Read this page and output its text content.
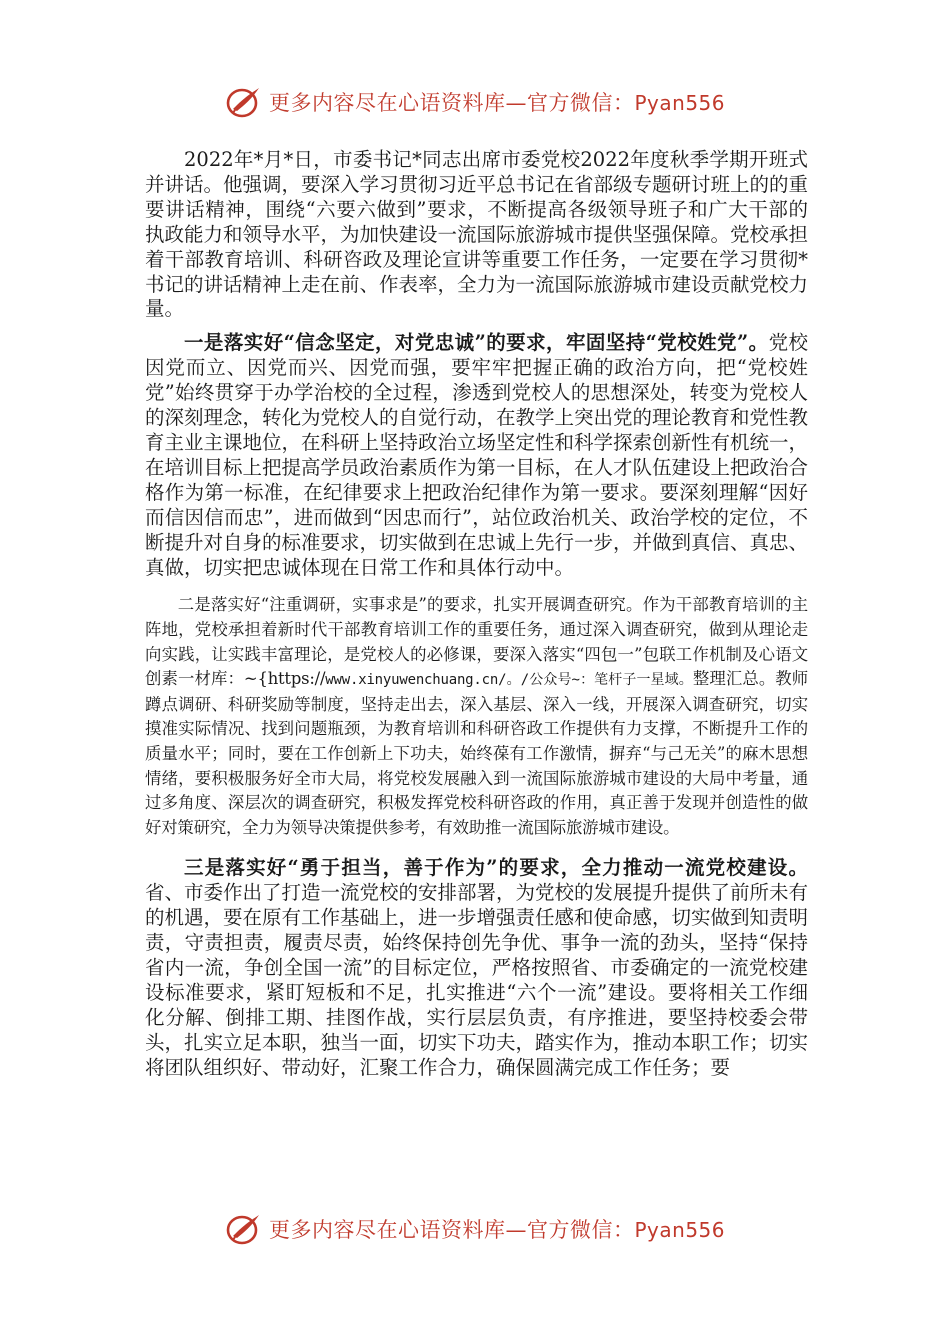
更多内容尽在心语资料库—官方微信：Pyan556

2022年*月*日，市委书记*同志出席市委党校2022年度秋季学期开班式并讲话。他强调，要深入学习贯彻习近平总书记在省部级专题研讨班上的的重要讲话精神，围绕“六要六做到”要求，不断提高各级领导班子和广大干部的执政能力和领导水平，为加快建设一流国际旅游城市提供坚强保障。党校承担着干部教育培训、科研咨政及理论宣讲等重要工作任务，一定要在学习贯彻*书记的讲话精神上走在前、作表率，全力为一流国际旅游城市建设贡献党校力量。

一是落实好“信念坚定，对党忠诚”的要求，牢固坚持“党校姓党”。党校因党而立、因党而兴、因党而强，要牢牢把握正确的政治方向，把“党校姓党”始终贯穿于办学治校的全过程，渗透到党校人的思想深处，转变为党校人的深刻理念，转化为党校人的自觉行动，在教学上突出党的理论教育和党性教育主业主课地位，在科研上坚持政治立场坚定性和科学探索创新性有机统一，在培训目标上把提高学员政治素质作为第一目标，在人才队伍建设上把政治合格作为第一标准，在纪律要求上把政治纪律作为第一要求。要深刻理解“因好而信因信而忠”，进而做到“因忠而行”，站位政治机关、政治学校的定位，不断提升对自身的标准要求，切实做到在忠诚上先行一步，并做到真信、真忠、真做，切实把忠诚体现在日常工作和具体行动中。

二是落实好“注重调研，实事求是”的要求，扎实开展调查研究。作为干部教育培训的主阵地，党校承担着新时代干部教育培训工作的重要任务，通过深入调查研究，做到从理论走向实践，让实践丰富理论，是党校人的必修课，要深入落实“四包一”包联工作机制及心语文创素一材库：~{https://www.xinyuwenchuang.cn/。/公众号~：笔杆子一星域。整理汇总。教师蹲点调研、科研奖励等制度，坚持走出去，深入基层、深入一线，开展深入调查研究，切实摸准实际情况、找到问题瓶颈，为教育培训和科研咨政工作提供有力支撑，不断提升工作的质量水平；同时，要在工作创新上下功夫，始终葆有工作激情，摒弃“与己无关”的麻木思想情绪，要积极服务好全市大局，将党校发展融入到一流国际旅游城市建设的大局中考量，通过多角度、深层次的调查研究，积极发挥党校科研咨政的作用，真正善于发现并创造性的做好对策研究，全力为领导决策提供参考，有效助推一流国际旅游城市建设。

三是落实好“勇于担当，善于作为”的要求，全力推动一流党校建设。省、市委作出了打造一流党校的安排部署，为党校的发展提升提供了前所未有的机遇，要在原有工作基础上，进一步增强责任感和使命感，切实做到知责明责，守责担责，履责尽责，始终保持创先争优、事争一流的劲头，坚持“保持省内一流，争创全国一流”的目标定位，严格按照省、市委确定的一流党校建设标准要求，紧盯短板和不足，扎实推进“六个一流”建设。要将相关工作细化分解、倒排工期、挂图作战，实行层层负责，有序推进，要坚持校委会带头，扎实立足本职，独当一面，切实下功夫，踏实作为，推动本职工作；切实将团队组织好、带动好，汇聚工作合力，确保圆满完成工作任务；要

更多内容尽在心语资料库—官方微信：Pyan556
